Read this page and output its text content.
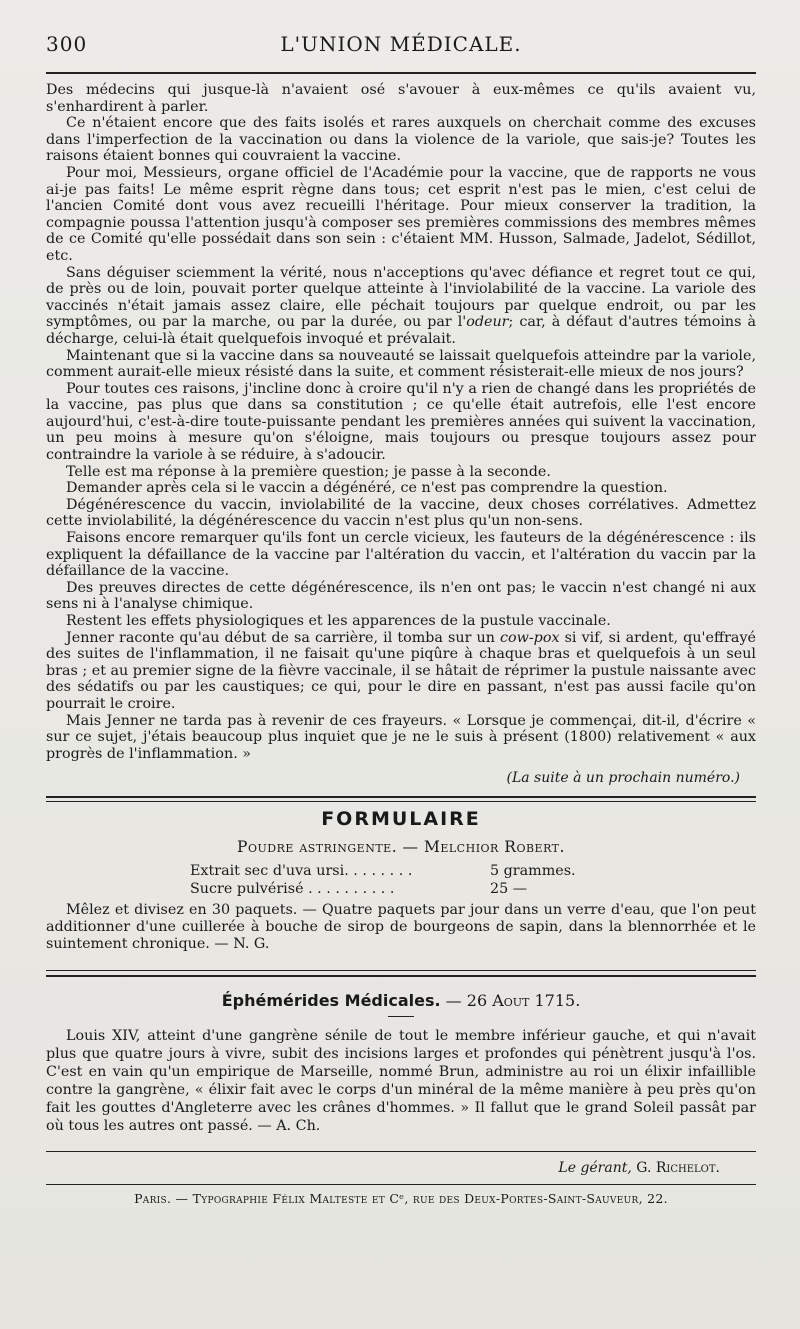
300	L'UNION MÉDICALE.

Des médecins qui jusque-là n'avaient osé s'avouer à eux-mêmes ce qu'ils avaient vu, s'enhardirent à parler.

Ce n'étaient encore que des faits isolés et rares auxquels on cherchait comme des excuses dans l'imperfection de la vaccination ou dans la violence de la variole, que sais-je? Toutes les raisons étaient bonnes qui couvraient la vaccine.

Pour moi, Messieurs, organe officiel de l'Académie pour la vaccine, que de rapports ne vous ai-je pas faits! Le même esprit règne dans tous; cet esprit n'est pas le mien, c'est celui de l'ancien Comité dont vous avez recueilli l'héritage. Pour mieux conserver la tradition, la compagnie poussa l'attention jusqu'à composer ses premières commissions des membres mêmes de ce Comité qu'elle possédait dans son sein : c'étaient MM. Husson, Salmade, Jadelot, Sédillot, etc.

Sans déguiser sciemment la vérité, nous n'acceptions qu'avec défiance et regret tout ce qui, de près ou de loin, pouvait porter quelque atteinte à l'inviolabilité de la vaccine. La variole des vaccinés n'était jamais assez claire, elle péchait toujours par quelque endroit, ou par les symptômes, ou par la marche, ou par la durée, ou par l'odeur; car, à défaut d'autres témoins à décharge, celui-là était quelquefois invoqué et prévalait.

Maintenant que si la vaccine dans sa nouveauté se laissait quelquefois atteindre par la variole, comment aurait-elle mieux résisté dans la suite, et comment résisterait-elle mieux de nos jours?

Pour toutes ces raisons, j'incline donc à croire qu'il n'y a rien de changé dans les propriétés de la vaccine, pas plus que dans sa constitution ; ce qu'elle était autrefois, elle l'est encore aujourd'hui, c'est-à-dire toute-puissante pendant les premières années qui suivent la vaccination, un peu moins à mesure qu'on s'éloigne, mais toujours ou presque toujours assez pour contraindre la variole à se réduire, à s'adoucir.

Telle est ma réponse à la première question; je passe à la seconde.

Demander après cela si le vaccin a dégénéré, ce n'est pas comprendre la question.

Dégénérescence du vaccin, inviolabilité de la vaccine, deux choses corrélatives. Admettez cette inviolabilité, la dégénérescence du vaccin n'est plus qu'un non-sens.

Faisons encore remarquer qu'ils font un cercle vicieux, les fauteurs de la dégénérescence : ils expliquent la défaillance de la vaccine par l'altération du vaccin, et l'altération du vaccin par la défaillance de la vaccine.

Des preuves directes de cette dégénérescence, ils n'en ont pas; le vaccin n'est changé ni aux sens ni à l'analyse chimique.

Restent les effets physiologiques et les apparences de la pustule vaccinale.

Jenner raconte qu'au début de sa carrière, il tomba sur un cow-pox si vif, si ardent, qu'effrayé des suites de l'inflammation, il ne faisait qu'une piqûre à chaque bras et quelquefois à un seul bras ; et au premier signe de la fièvre vaccinale, il se hâtait de réprimer la pustule naissante avec des sédatifs ou par les caustiques; ce qui, pour le dire en passant, n'est pas aussi facile qu'on pourrait le croire.

Mais Jenner ne tarda pas à revenir de ces frayeurs. « Lorsque je commençai, dit-il, d'écrire « sur ce sujet, j'étais beaucoup plus inquiet que je ne le suis à présent (1800) relativement « aux progrès de l'inflammation. »

(La suite à un prochain numéro.)
FORMULAIRE
Poudre astringente. — Melchior Robert.
Extrait sec d'uva ursi. . . . . . . .	5 grammes.
Sucre pulvérisé . . . . . . . . . .	25 —

Mêlez et divisez en 30 paquets. — Quatre paquets par jour dans un verre d'eau, que l'on peut additionner d'une cuillerée à bouche de sirop de bourgeons de sapin, dans la blennorrhée et le suintement chronique. — N. G.

Éphémérides Médicales. — 26 Aout 1715.

Louis XIV, atteint d'une gangrène sénile de tout le membre inférieur gauche, et qui n'avait plus que quatre jours à vivre, subit des incisions larges et profondes qui pénètrent jusqu'à l'os. C'est en vain qu'un empirique de Marseille, nommé Brun, administre au roi un élixir infaillible contre la gangrène, « élixir fait avec le corps d'un minéral de la même manière à peu près qu'on fait les gouttes d'Angleterre avec les crânes d'hommes. » Il fallut que le grand Soleil passât par où tous les autres ont passé. — A. Ch.

Le gérant, G. Richelot.
Paris. — Typographie Félix Malteste et Cᵉ, rue des Deux-Portes-Saint-Sauveur, 22.
